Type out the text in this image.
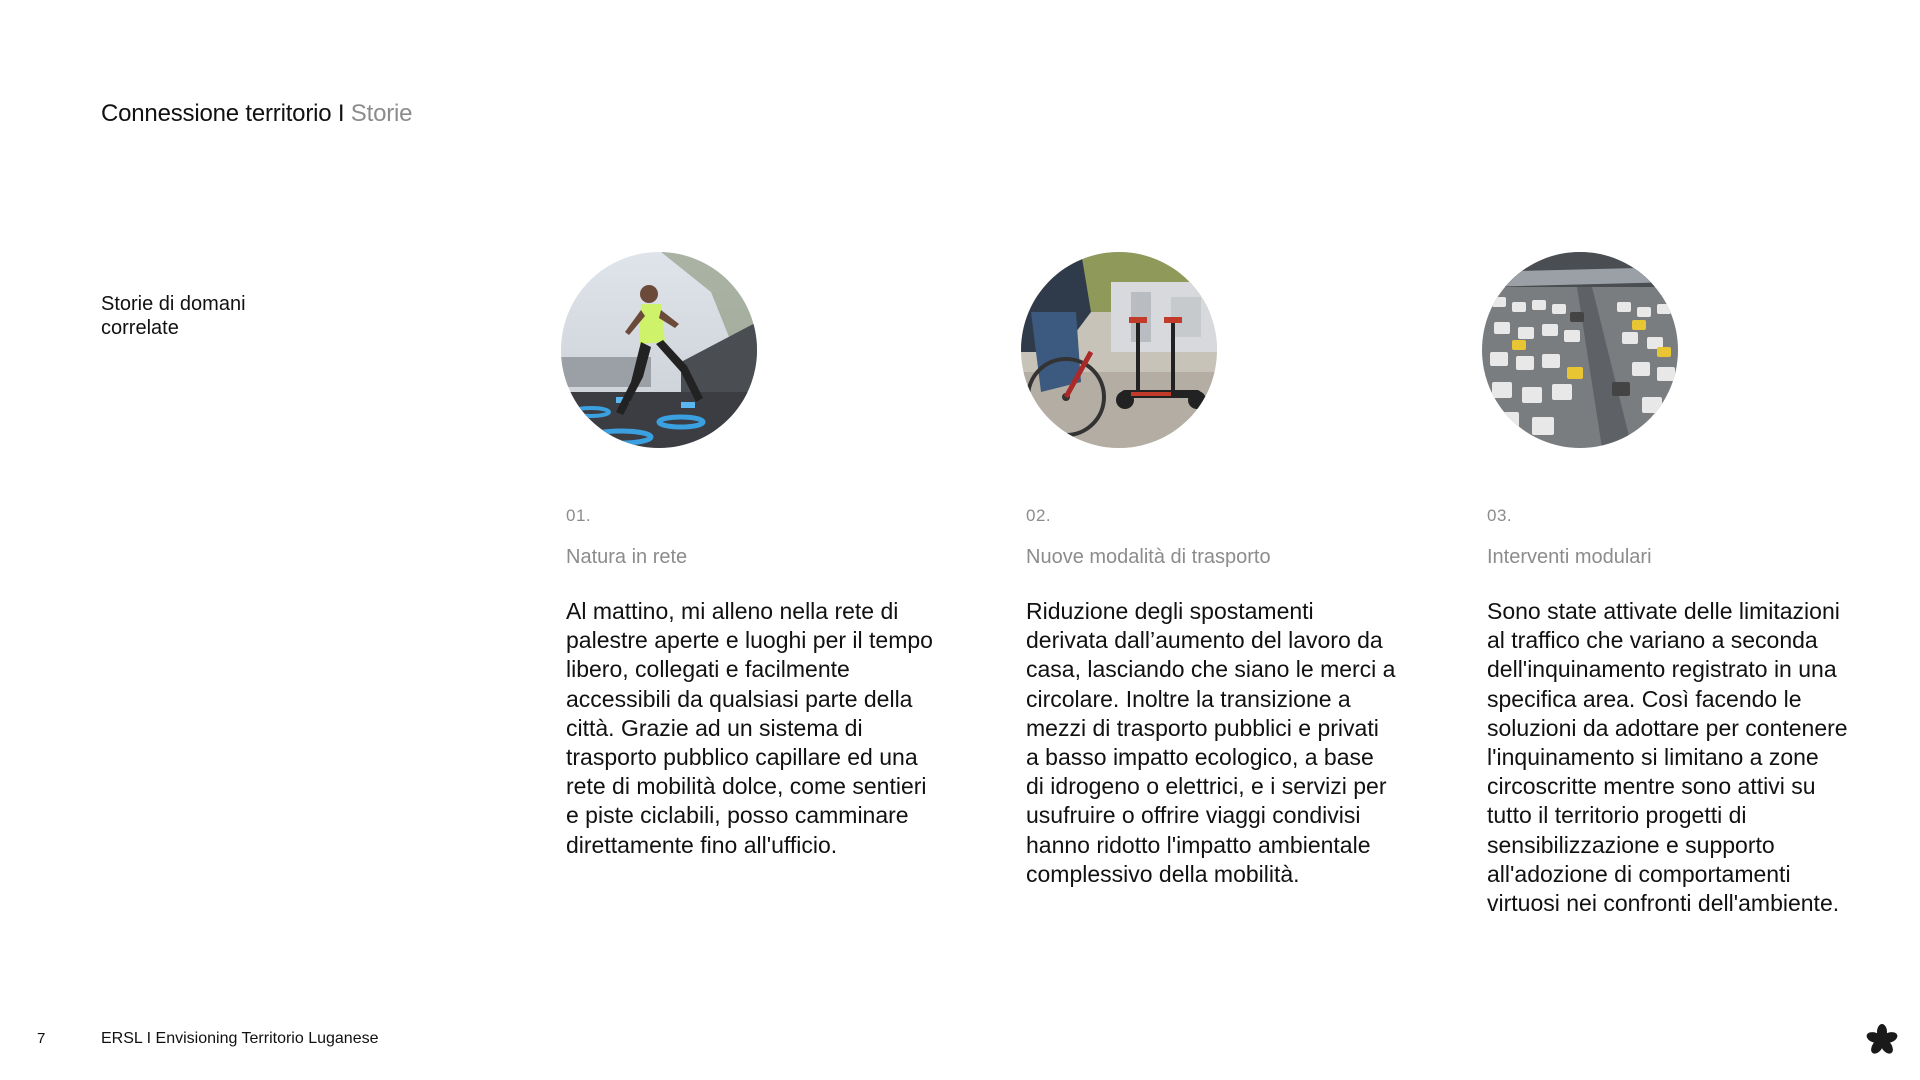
Connessione territorio I Storie
Storie di domani correlate
01.
Natura in rete
Al mattino, mi alleno nella rete di palestre aperte e luoghi per il tempo libero, collegati e facilmente accessibili da qualsiasi parte della città. Grazie ad un sistema di trasporto pubblico capillare ed una rete di mobilità dolce, come sentieri e piste ciclabili, posso camminare direttamente fino all'ufficio.
02.
Nuove modalità di trasporto
Riduzione degli spostamenti derivata dall’aumento del lavoro da casa, lasciando che siano le merci a circolare. Inoltre la transizione a mezzi di trasporto pubblici e privati a basso impatto ecologico, a base di idrogeno o elettrici, e i servizi per usufruire o offrire viaggi condivisi hanno ridotto l'impatto ambientale complessivo della mobilità.
03.
Interventi modulari
Sono state attivate delle limitazioni al traffico che variano a seconda dell'inquinamento registrato in una specifica area. Così facendo le soluzioni da adottare per contenere l'inquinamento si limitano a zone circoscritte mentre sono attivi su tutto il territorio progetti di sensibilizzazione e supporto all'adozione di comportamenti virtuosi nei confronti dell'ambiente.
7	ERSL I Envisioning Territorio Luganese
